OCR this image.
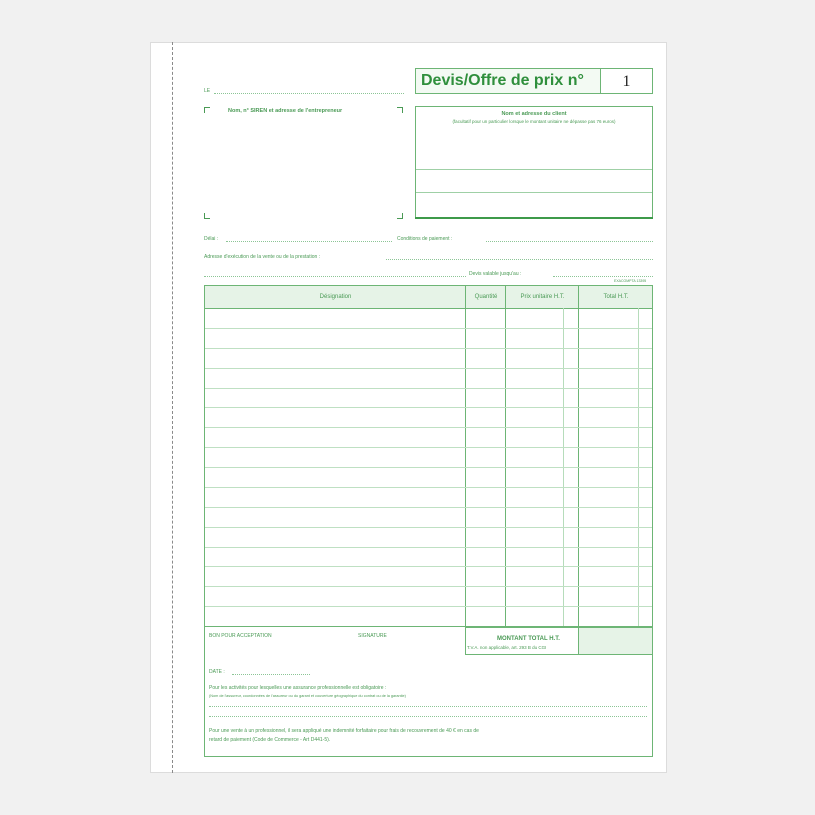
LE
Nom, n° SIREN et adresse de l'entrepreneur
Devis/Offre de prix n°	1
Nom et adresse du client
(facultatif pour un particulier lorsque le montant unitaire ne dépasse pas 76 euros)
Délai :	Conditions de paiement :
Adresse d'exécution de la vente ou de la prestation :
Devis valable jusqu'au :
EXACOMPTA 13395
Désignation	Quantité	Prix unitaire H.T.	Total H.T.
MONTANT TOTAL H.T.
T.V.A. non applicable, art. 293 B du CGI
BON POUR ACCEPTATION	SIGNATURE
DATE :
Pour les activités pour lesquelles une assurance professionnelle est obligatoire :
(Nom de l'assureur, coordonnées de l'assureur ou du garant et couverture géographique du contrat ou de la garantie)
Pour une vente à un professionnel, il sera appliqué une indemnité forfaitaire pour frais de recouvrement de 40 € en cas de
retard de paiement (Code de Commerce - Art D441-5).
